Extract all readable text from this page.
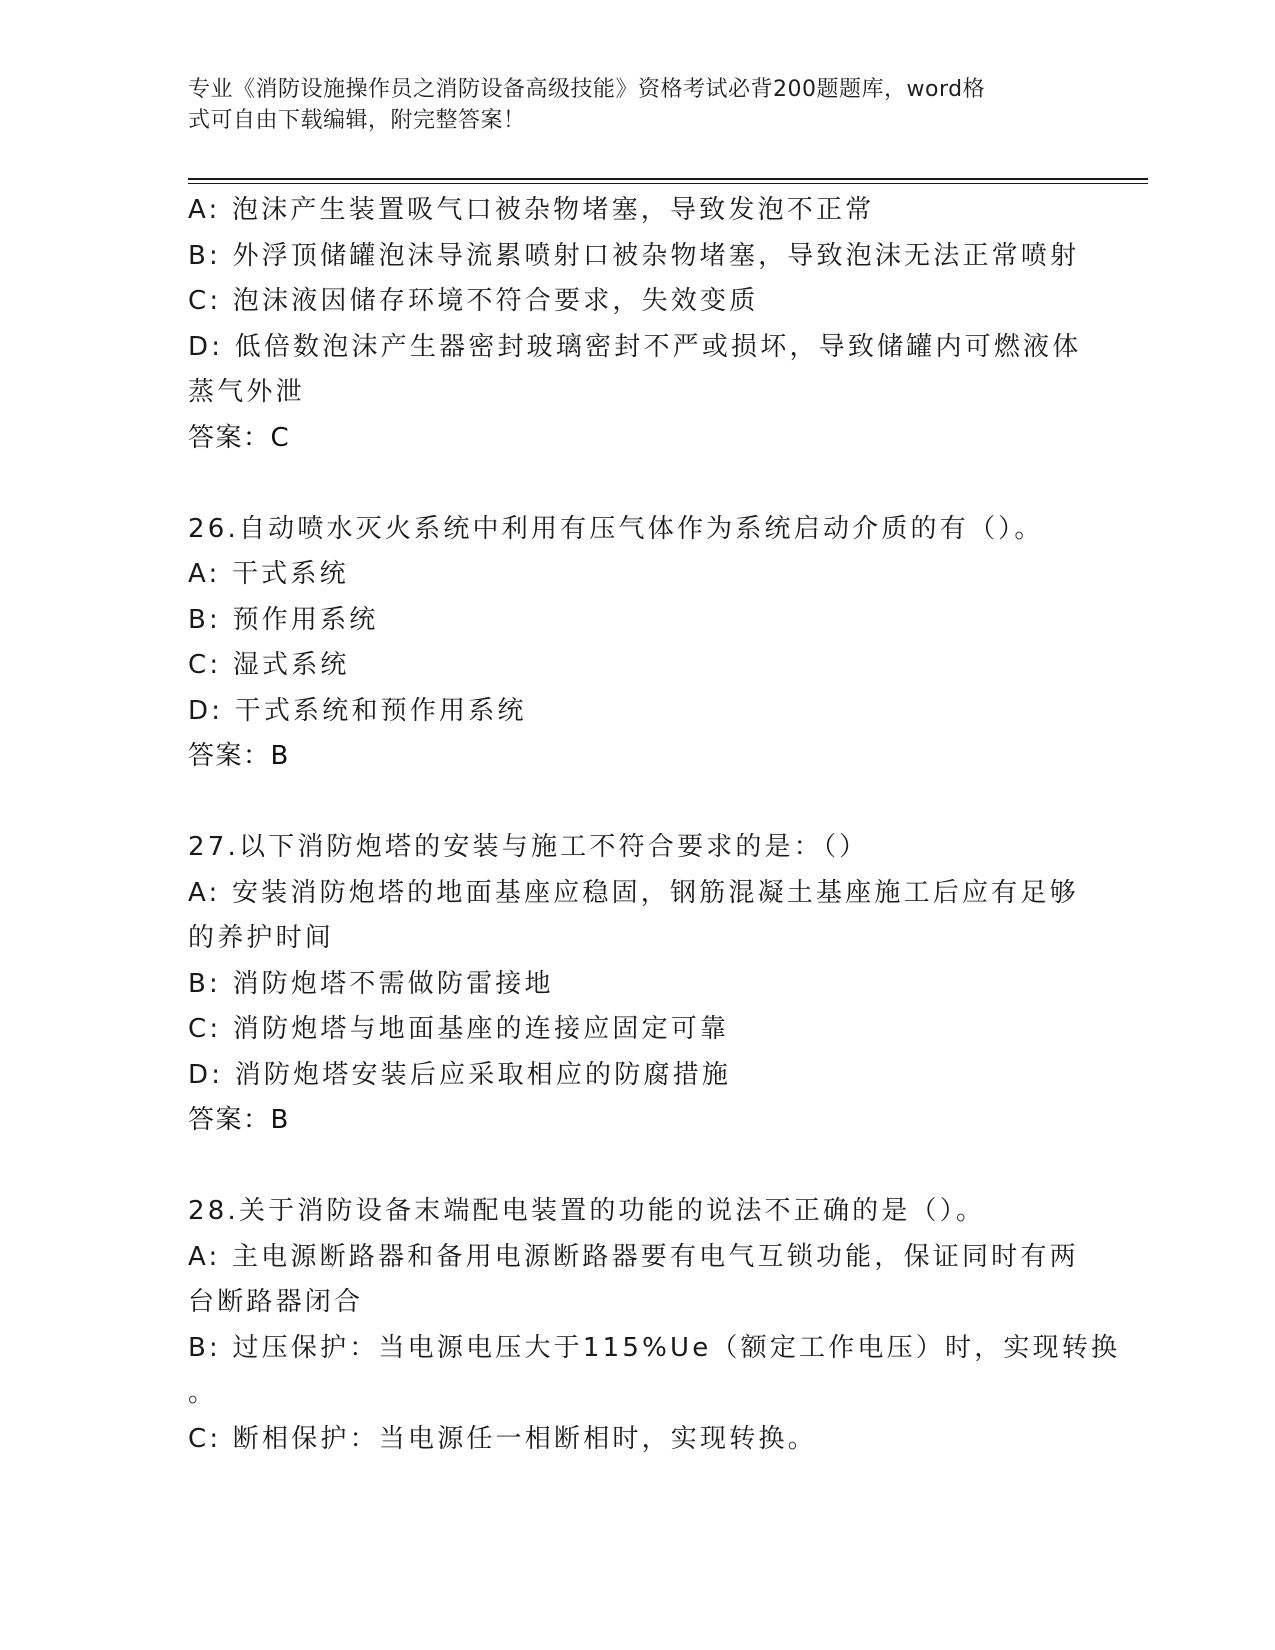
专业《消防设施操作员之消防设备高级技能》资格考试必背200题题库，word格
式可自由下载编辑，附完整答案！
A: 泡沫产生装置吸气口被杂物堵塞，导致发泡不正常
B: 外浮顶储罐泡沫导流累喷射口被杂物堵塞，导致泡沫无法正常喷射
C: 泡沫液因储存环境不符合要求，失效变质
D: 低倍数泡沫产生器密封玻璃密封不严或损坏，导致储罐内可燃液体
蒸气外泄
答案：C
26.自动喷水灭火系统中利用有压气体作为系统启动介质的有（）。
A: 干式系统
B: 预作用系统
C: 湿式系统
D: 干式系统和预作用系统
答案：B
27.以下消防炮塔的安装与施工不符合要求的是：（）
A: 安装消防炮塔的地面基座应稳固，钢筋混凝土基座施工后应有足够
的养护时间
B: 消防炮塔不需做防雷接地
C: 消防炮塔与地面基座的连接应固定可靠
D: 消防炮塔安装后应采取相应的防腐措施
答案：B
28.关于消防设备末端配电装置的功能的说法不正确的是（）。
A: 主电源断路器和备用电源断路器要有电气互锁功能，保证同时有两
台断路器闭合
B: 过压保护：当电源电压大于115%Ue（额定工作电压）时，实现转换
。
C: 断相保护：当电源任一相断相时，实现转换。
